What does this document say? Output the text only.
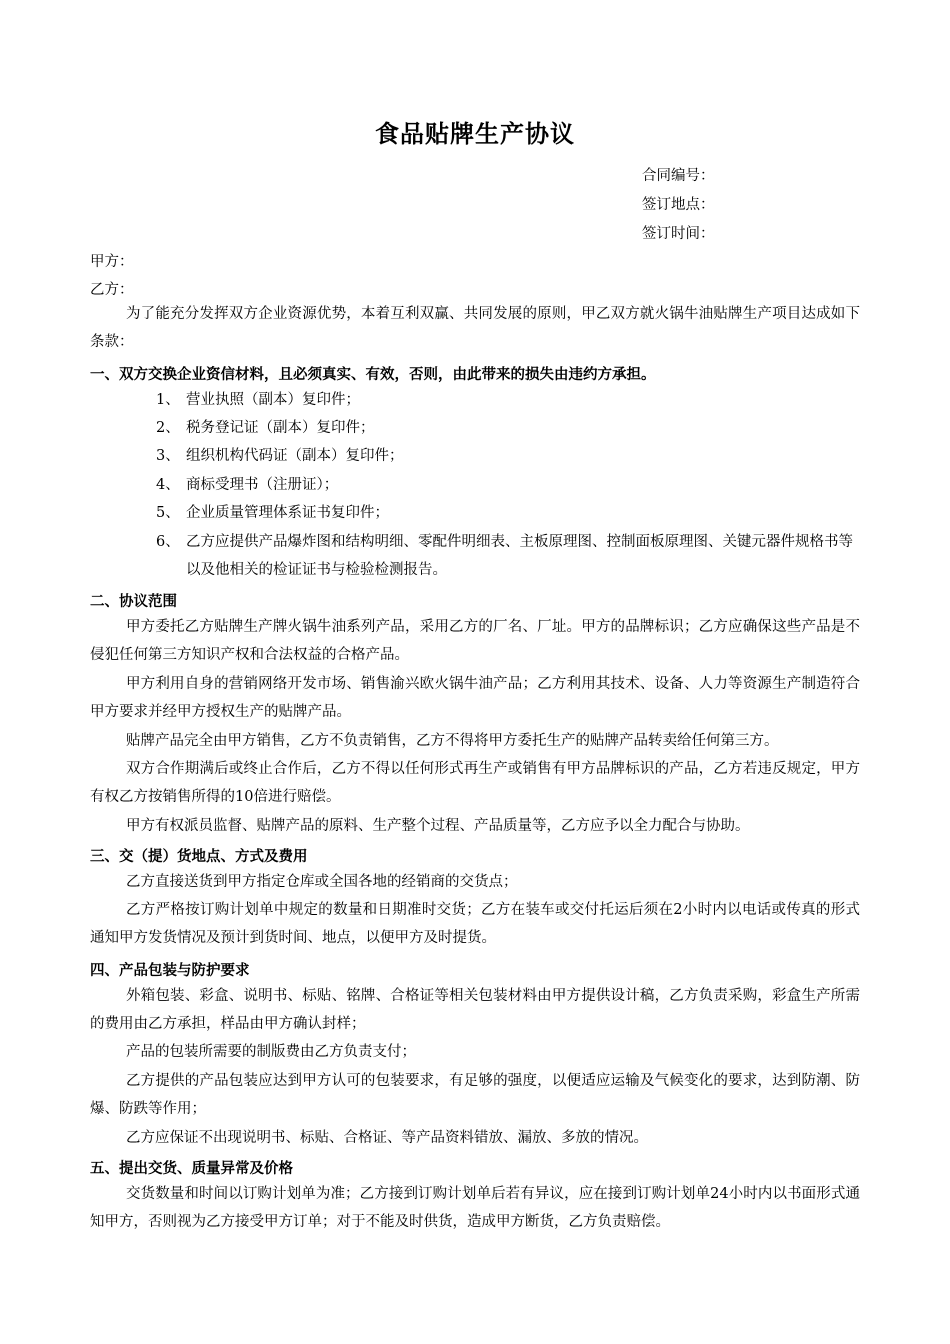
食品贴牌生产协议
合同编号：
签订地点：
签订时间：
甲方：
乙方：
为了能充分发挥双方企业资源优势，本着互利双赢、共同发展的原则，甲乙双方就火锅牛油贴牌生产项目达成如下条款：
一、双方交换企业资信材料，且必须真实、有效，否则，由此带来的损失由违约方承担。
1、 营业执照（副本）复印件；
2、 税务登记证（副本）复印件；
3、 组织机构代码证（副本）复印件；
4、 商标受理书（注册证）；
5、 企业质量管理体系证书复印件；
6、 乙方应提供产品爆炸图和结构明细、零配件明细表、主板原理图、控制面板原理图、关键元器件规格书等以及他相关的检证证书与检验检测报告。
二、协议范围
甲方委托乙方贴牌生产牌火锅牛油系列产品，采用乙方的厂名、厂址。甲方的品牌标识；乙方应确保这些产品是不侵犯任何第三方知识产权和合法权益的合格产品。
甲方利用自身的营销网络开发市场、销售渝兴欧火锅牛油产品；乙方利用其技术、设备、人力等资源生产制造符合甲方要求并经甲方授权生产的贴牌产品。
贴牌产品完全由甲方销售，乙方不负责销售，乙方不得将甲方委托生产的贴牌产品转卖给任何第三方。
双方合作期满后或终止合作后，乙方不得以任何形式再生产或销售有甲方品牌标识的产品，乙方若违反规定，甲方有权乙方按销售所得的10倍进行赔偿。
甲方有权派员监督、贴牌产品的原料、生产整个过程、产品质量等，乙方应予以全力配合与协助。
三、交（提）货地点、方式及费用
乙方直接送货到甲方指定仓库或全国各地的经销商的交货点；
乙方严格按订购计划单中规定的数量和日期准时交货；乙方在装车或交付托运后须在2小时内以电话或传真的形式通知甲方发货情况及预计到货时间、地点，以便甲方及时提货。
四、产品包装与防护要求
外箱包装、彩盒、说明书、标贴、铭牌、合格证等相关包装材料由甲方提供设计稿，乙方负责采购，彩盒生产所需的费用由乙方承担，样品由甲方确认封样；
产品的包装所需要的制版费由乙方负责支付；
乙方提供的产品包装应达到甲方认可的包装要求，有足够的强度，以便适应运输及气候变化的要求，达到防潮、防爆、防跌等作用；
乙方应保证不出现说明书、标贴、合格证、等产品资料错放、漏放、多放的情况。
五、提出交货、质量异常及价格
交货数量和时间以订购计划单为准；乙方接到订购计划单后若有异议，应在接到订购计划单24小时内以书面形式通知甲方，否则视为乙方接受甲方订单；对于不能及时供货，造成甲方断货，乙方负责赔偿。
